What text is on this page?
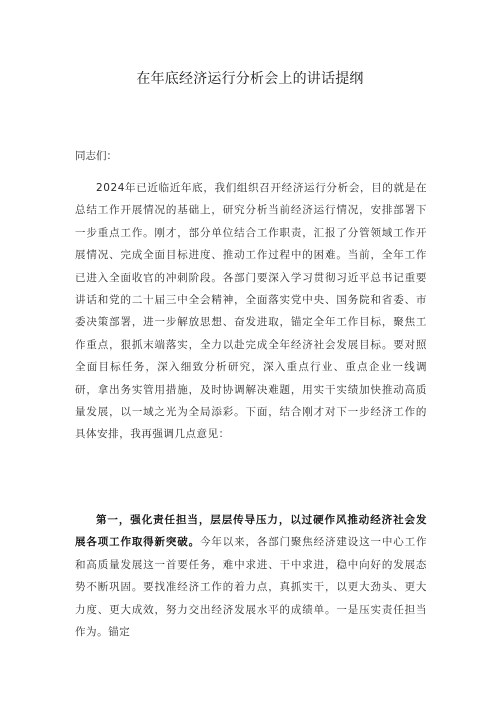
在年底经济运行分析会上的讲话提纲

同志们：

2024年已近临近年底，我们组织召开经济运行分析会，目的就是在总结工作开展情况的基础上，研究分析当前经济运行情况，安排部署下一步重点工作。刚才，部分单位结合工作职责，汇报了分管领域工作开展情况、完成全面目标进度、推动工作过程中的困难。当前，全年工作已进入全面收官的冲刺阶段。各部门要深入学习贯彻习近平总书记重要讲话和党的二十届三中全会精神，全面落实党中央、国务院和省委、市委决策部署，进一步解放思想、奋发进取，锚定全年工作目标，聚焦工作重点，狠抓末端落实，全力以赴完成全年经济社会发展目标。要对照全面目标任务，深入细致分析研究，深入重点行业、重点企业一线调研，拿出务实管用措施，及时协调解决难题，用实干实绩加快推动高质量发展，以一域之光为全局添彩。下面，结合刚才对下一步经济工作的具体安排，我再强调几点意见：

第一，强化责任担当，层层传导压力，以过硬作风推动经济社会发展各项工作取得新突破。今年以来，各部门聚焦经济建设这一中心工作和高质量发展这一首要任务，难中求进、干中求进，稳中向好的发展态势不断巩固。要找准经济工作的着力点，真抓实干，以更大劲头、更大力度、更大成效，努力交出经济发展水平的成绩单。一是压实责任担当作为。锚定
